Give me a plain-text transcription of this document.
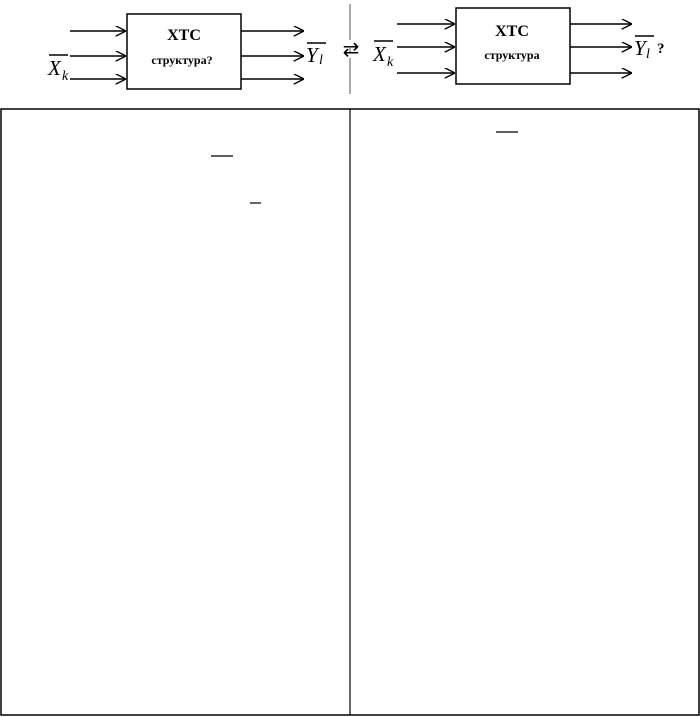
ХТС
структура?
X k
Y l ⇄
ХТС
структура
X k
Y l ?
